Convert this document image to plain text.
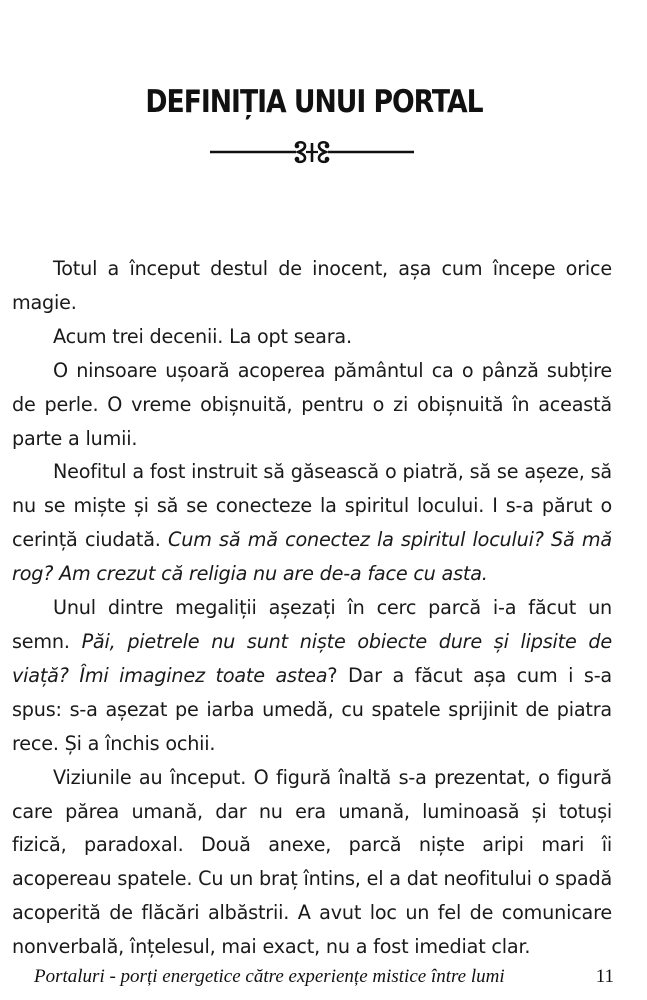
DEFINIȚIA UNUI PORTAL

Totul a început destul de inocent, așa cum începe orice magie.

Acum trei decenii. La opt seara.

O ninsoare ușoară acoperea pământul ca o pânză subțire de perle. O vreme obișnuită, pentru o zi obișnuită în această parte a lumii.

Neofitul a fost instruit să găsească o piatră, să se așeze, să nu se miște și să se conecteze la spiritul locului. I s-a părut o cerință ciudată. Cum să mă conectez la spiritul locului? Să mă rog? Am crezut că religia nu are de-a face cu asta.

Unul dintre megaliții așezați în cerc parcă i-a făcut un semn. Păi, pietrele nu sunt niște obiecte dure și lipsite de viață? Îmi imaginez toate astea? Dar a făcut așa cum i s-a spus: s-a așezat pe iarba umedă, cu spatele sprijinit de piatra rece. Și a închis ochii.

Viziunile au început. O figură înaltă s-a prezentat, o figură care părea umană, dar nu era umană, luminoasă și totuși fizică, paradoxal. Două anexe, parcă niște aripi mari îi acopereau spatele. Cu un braț întins, el a dat neofitului o spadă acoperită de flăcări albăstrii. A avut loc un fel de comunicare nonverbală, înțelesul, mai exact, nu a fost imediat clar.

Portaluri - porți energetice către experiențe mistice între lumi	11
